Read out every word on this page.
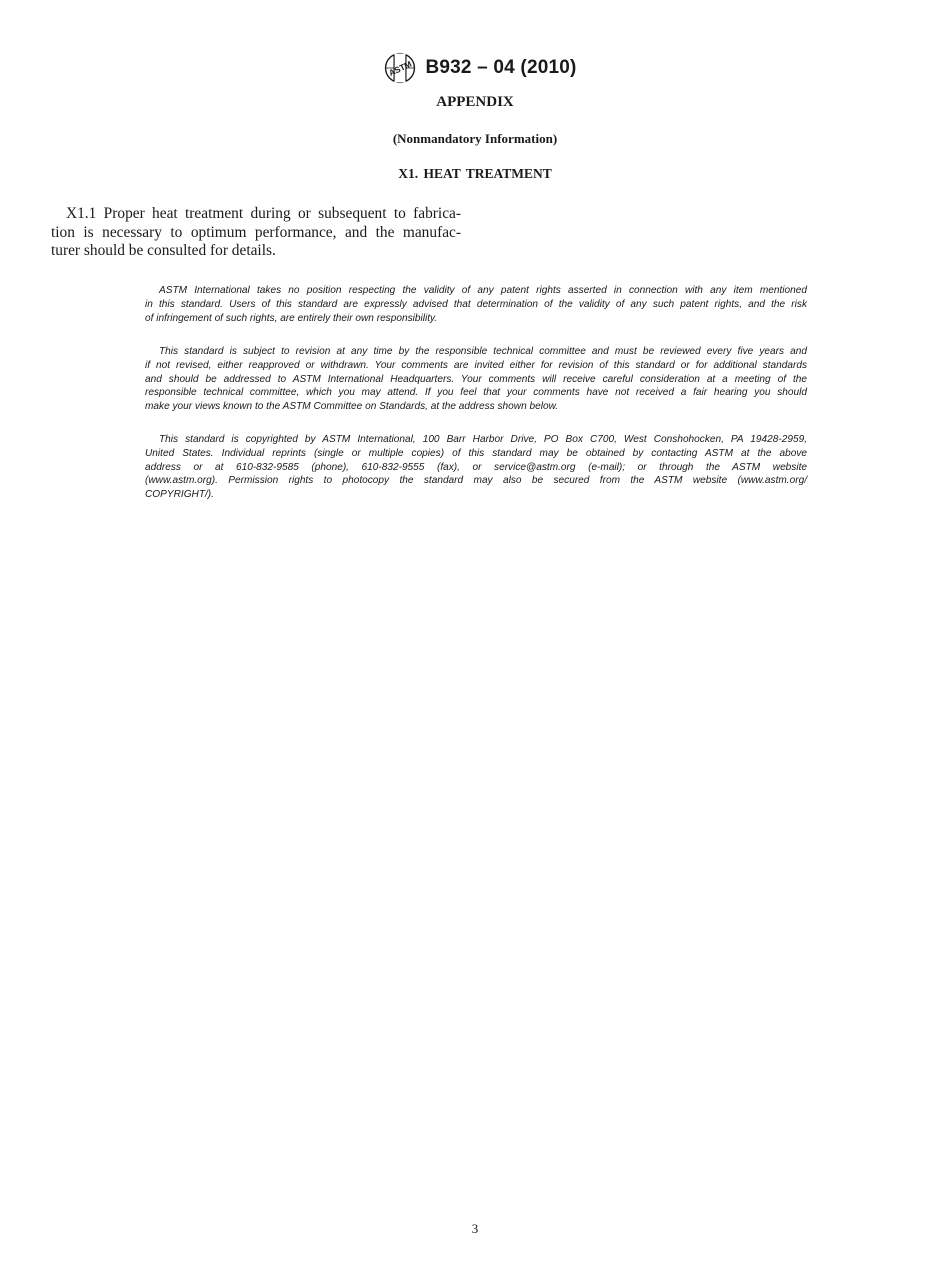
ASTM B932 – 04 (2010)
APPENDIX
(Nonmandatory Information)
X1. HEAT TREATMENT
X1.1 Proper heat treatment during or subsequent to fabrica-
tion is necessary to optimum performance, and the manufac-
turer should be consulted for details.
ASTM International takes no position respecting the validity of any patent rights asserted in connection with any item mentioned
in this standard. Users of this standard are expressly advised that determination of the validity of any such patent rights, and the risk
of infringement of such rights, are entirely their own responsibility.
This standard is subject to revision at any time by the responsible technical committee and must be reviewed every five years and
if not revised, either reapproved or withdrawn. Your comments are invited either for revision of this standard or for additional standards
and should be addressed to ASTM International Headquarters. Your comments will receive careful consideration at a meeting of the
responsible technical committee, which you may attend. If you feel that your comments have not received a fair hearing you should
make your views known to the ASTM Committee on Standards, at the address shown below.
This standard is copyrighted by ASTM International, 100 Barr Harbor Drive, PO Box C700, West Conshohocken, PA 19428-2959,
United States. Individual reprints (single or multiple copies) of this standard may be obtained by contacting ASTM at the above
address or at 610-832-9585 (phone), 610-832-9555 (fax), or service@astm.org (e-mail); or through the ASTM website
(www.astm.org). Permission rights to photocopy the standard may also be secured from the ASTM website (www.astm.org/
COPYRIGHT/).
3
